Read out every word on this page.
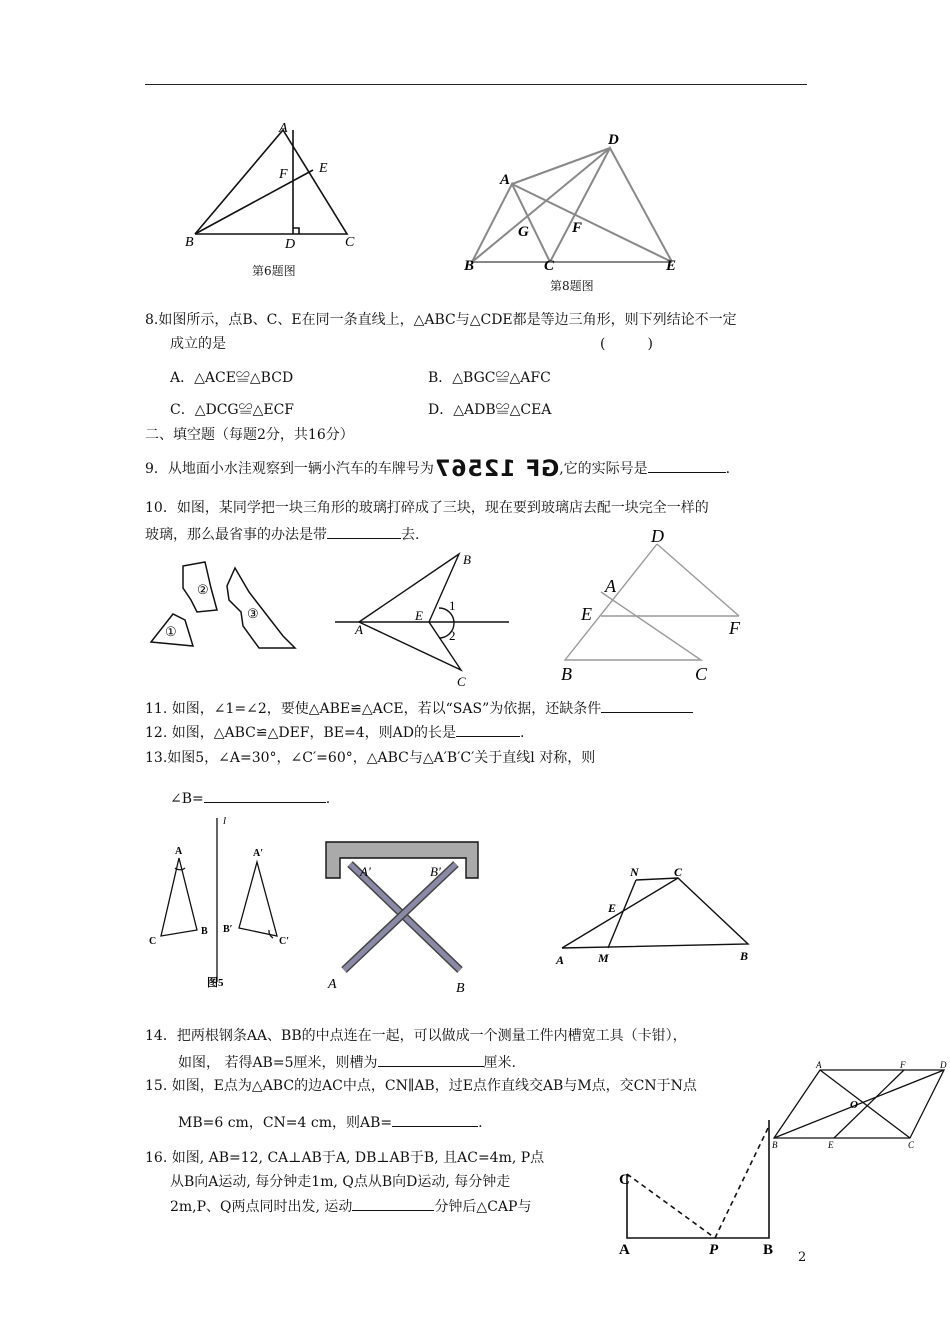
A
E
F
B	D	C
第6题图
D
A
G	F
B	C	E
第8题图
8.如图所示，点B、C、E在同一条直线上，△ABC与△CDE都是等边三角形，则下列结论不一定
成立的是	(　　　)
A．△ACE≌△BCD	B．△BGC≌△AFC
C．△DCG≌△ECF	D．△ADB≌△CEA
二、填空题（每题2分，共16分）
9．从地面小水洼观察到一辆小汽车的车牌号为GF 12567,它的实际号是	.
10．如图，某同学把一块三角形的玻璃打碎成了三块，现在要到玻璃店去配一块完全一样的
玻璃，那么最省事的办法是带	去.
①
②
③
B
E
1
2
A
C
D
A
E
F
B	C
11. 如图，∠1=∠2，要使△ABE≌△ACE，若以“SAS”为依据，还缺条件
12. 如图，△ABC≌△DEF，BE=4，则AD的长是	.
13.如图5，∠A=30°，∠C′=60°，△ABC与△A′B′C′关于直线l 对称，则
∠B=	.
l
A	A′
C
B B′
C′
图5
A′	B′
A	B
N	C
E
A	M	B
14．把两根钢条AA、BB的中点连在一起，可以做成一个测量工件内槽宽工具（卡钳），
如图， 若得AB=5厘米，则槽为	厘米.
15. 如图，E点为△ABC的边AC中点，CN∥AB，过E点作直线交AB与M点，交CN于N点
MB=6 cm，CN=4 cm，则AB=	.
A	F	D
O
B	E	C
16. 如图, AB=12, CA⊥AB于A, DB⊥AB于B, 且AC=4m, P点
从B向A运动, 每分钟走1m, Q点从B向D运动, 每分钟走
2m,P、Q两点同时出发, 运动	分钟后△CAP与
C
A	P	B 2
